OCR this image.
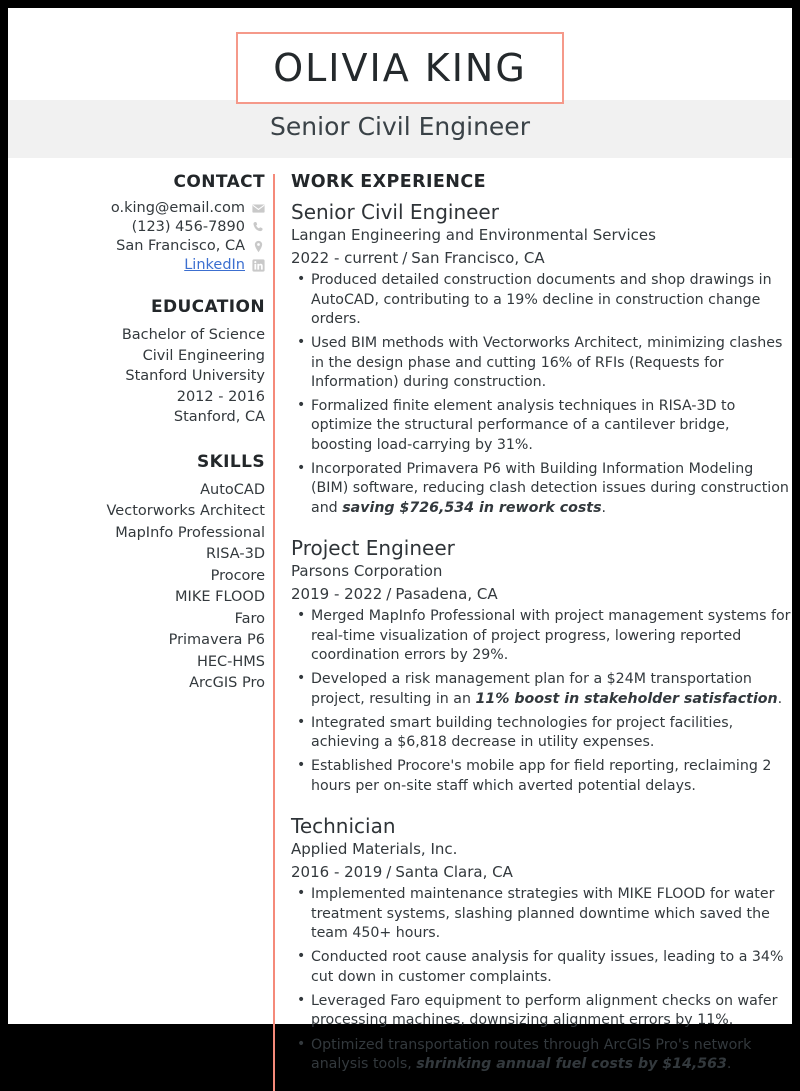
OLIVIA KING
Senior Civil Engineer
CONTACT
o.king@email.com
(123) 456-7890
San Francisco, CA
LinkedIn
EDUCATION
Bachelor of Science
Civil Engineering
Stanford University
2012 - 2016
Stanford, CA
SKILLS
AutoCAD
Vectorworks Architect
MapInfo Professional
RISA-3D
Procore
MIKE FLOOD
Faro
Primavera P6
HEC-HMS
ArcGIS Pro
WORK EXPERIENCE
Senior Civil Engineer
Langan Engineering and Environmental Services
2022 - current / San Francisco, CA
• Produced detailed construction documents and shop drawings in AutoCAD, contributing to a 19% decline in construction change orders.
• Used BIM methods with Vectorworks Architect, minimizing clashes in the design phase and cutting 16% of RFIs (Requests for Information) during construction.
• Formalized finite element analysis techniques in RISA-3D to optimize the structural performance of a cantilever bridge, boosting load-carrying by 31%.
• Incorporated Primavera P6 with Building Information Modeling (BIM) software, reducing clash detection issues during construction and saving $726,534 in rework costs.
Project Engineer
Parsons Corporation
2019 - 2022 / Pasadena, CA
• Merged MapInfo Professional with project management systems for real-time visualization of project progress, lowering reported coordination errors by 29%.
• Developed a risk management plan for a $24M transportation project, resulting in an 11% boost in stakeholder satisfaction.
• Integrated smart building technologies for project facilities, achieving a $6,818 decrease in utility expenses.
• Established Procore's mobile app for field reporting, reclaiming 2 hours per on-site staff which averted potential delays.
Technician
Applied Materials, Inc.
2016 - 2019 / Santa Clara, CA
• Implemented maintenance strategies with MIKE FLOOD for water treatment systems, slashing planned downtime which saved the team 450+ hours.
• Conducted root cause analysis for quality issues, leading to a 34% cut down in customer complaints.
• Leveraged Faro equipment to perform alignment checks on wafer processing machines, downsizing alignment errors by 11%.
• Optimized transportation routes through ArcGIS Pro's network analysis tools, shrinking annual fuel costs by $14,563.
